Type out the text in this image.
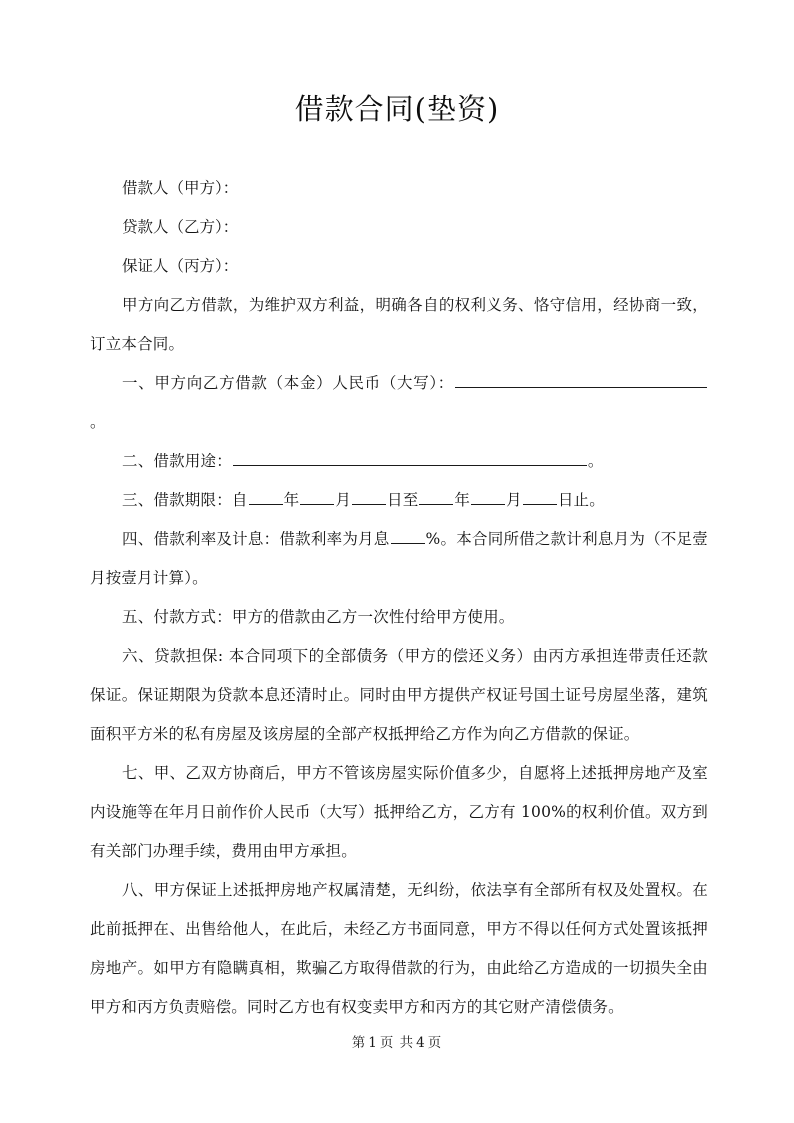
借款合同(垫资)

借款人（甲方）：

贷款人（乙方）：

保证人（丙方）：

甲方向乙方借款，为维护双方利益，明确各自的权利义务、恪守信用，经协商一致，订立本合同。

一、甲方向乙方借款（本金）人民币（大写）：。

二、借款用途：	。

三、借款期限：自 年 月 日至 年 月 日止。

四、借款利率及计息：借款利率为月息 %。本合同所借之款计利息月为（不足壹月按壹月计算）。

五、付款方式：甲方的借款由乙方一次性付给甲方使用。

六、贷款担保: 本合同项下的全部债务（甲方的偿还义务）由丙方承担连带责任还款保证。保证期限为贷款本息还清时止。同时由甲方提供产权证号国土证号房屋坐落，建筑面积平方米的私有房屋及该房屋的全部产权抵押给乙方作为向乙方借款的保证。

七、甲、乙双方协商后，甲方不管该房屋实际价值多少，自愿将上述抵押房地产及室内设施等在年月日前作价人民币（大写）抵押给乙方，乙方有 100%的权利价值。双方到有关部门办理手续，费用由甲方承担。

八、甲方保证上述抵押房地产权属清楚，无纠纷，依法享有全部所有权及处置权。在此前抵押在、出售给他人，在此后，未经乙方书面同意，甲方不得以任何方式处置该抵押房地产。如甲方有隐瞒真相，欺骗乙方取得借款的行为，由此给乙方造成的一切损失全由甲方和丙方负责赔偿。同时乙方也有权变卖甲方和丙方的其它财产清偿债务。

第 1 页 共 4 页
